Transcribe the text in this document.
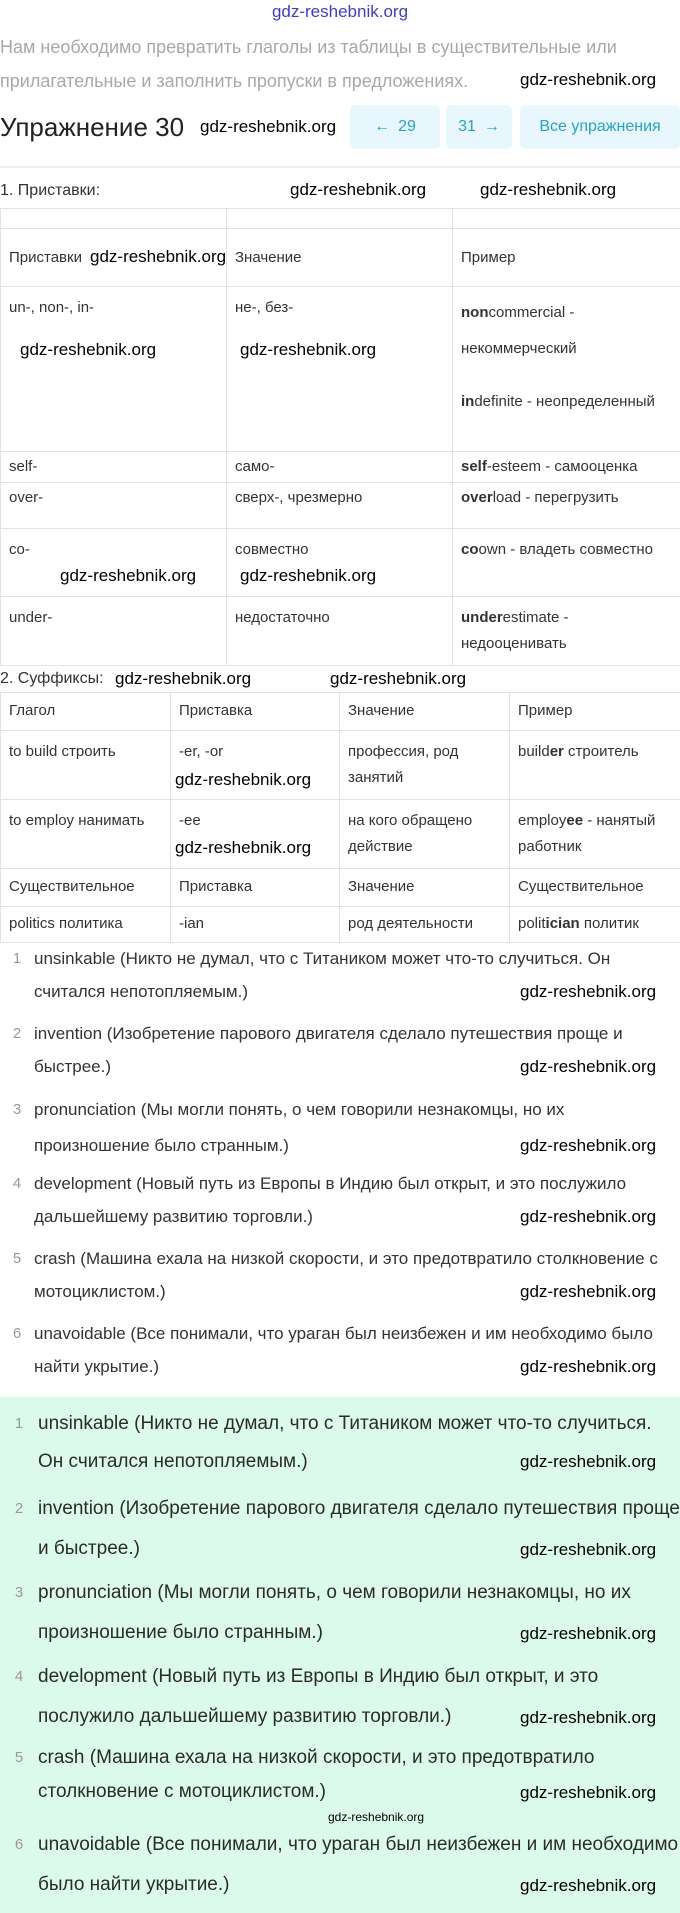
gdz-reshebnik.org

Нам необходимо превратить глаголы из таблицы в существительные или прилагательные и заполнить пропуски в предложениях.

Упражнение 30	← 29	31 → Все упражнения
1. Приставки:

Приставки	Значение	Пример
un-, non-, in-	не-, без-	noncommercial - некоммерческий
indefinite - неопределенный

self-	само-	self-esteem - самооценка
over-	сверх-, чрезмерно	overload - перегрузить
co-	совместно	coown - владеть совместно
under-	недостаточно	underestimate - недооценивать
2. Суффиксы:
Глагол	Приставка	Значение	Пример
to build строить	-er, -or	профессия, род занятий	builder строитель
to employ нанимать	-ee	на кого обращено действие	employee - нанятый работник
Существительное	Приставка	Значение	Существительное
politics политика	-ian	род деятельности	politician политик
1 unsinkable (Никто не думал, что с Титаником может что-то случиться. Он считался непотопляемым.)
2 invention (Изобретение парового двигателя сделало путешествия проще и быстрее.)
3 pronunciation (Мы могли понять, о чем говорили незнакомцы, но их произношение было странным.)
4 development (Новый путь из Европы в Индию был открыт, и это послужило дальшейшему развитию торговли.)
5 crash (Машина ехала на низкой скорости, и это предотвратило столкновение с мотоциклистом.)
6 unavoidable (Все понимали, что ураган был неизбежен и им необходимо было найти укрытие.)
1 unsinkable (Никто не думал, что с Титаником может что-то случиться. Он считался непотопляемым.)
2 invention (Изобретение парового двигателя сделало путешествия проще и быстрее.)
3 pronunciation (Мы могли понять, о чем говорили незнакомцы, но их произношение было странным.)
4 development (Новый путь из Европы в Индию был открыт, и это послужило дальшейшему развитию торговли.)
5 crash (Машина ехала на низкой скорости, и это предотвратило столкновение с мотоциклистом.)
6 unavoidable (Все понимали, что ураган был неизбежен и им необходимо было найти укрытие.)
gdz-reshebnik.org
gdz-reshebnik.org
gdz-reshebnik.org	gdz-reshebnik.org
gdz-reshebnik.org
gdz-reshebnik.org	gdz-reshebnik.org
gdz-reshebnik.org	gdz-reshebnik.org
gdz-reshebnik.org	gdz-reshebnik.org
gdz-reshebnik.org
gdz-reshebnik.org
gdz-reshebnik.org
gdz-reshebnik.org
gdz-reshebnik.org
gdz-reshebnik.org
gdz-reshebnik.org
gdz-reshebnik.org
gdz-reshebnik.org
gdz-reshebnik.org
gdz-reshebnik.org
gdz-reshebnik.org
gdz-reshebnik.org
gdz-reshebnik.org
gdz-reshebnik.org
